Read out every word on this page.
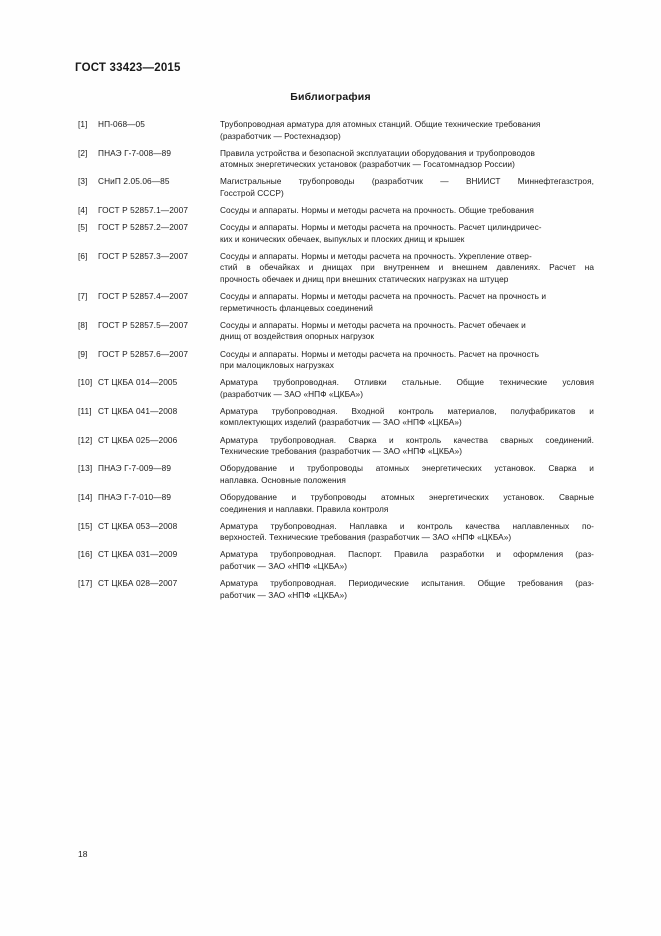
ГОСТ 33423—2015
Библиография
[1] НП-068—05	Трубопроводная арматура для атомных станций. Общие технические требования
(разработчик — Ростехнадзор)
[2] ПНАЭ Г-7-008—89	Правила устройства и безопасной эксплуатации оборудования и трубопроводов
атомных энергетических установок (разработчик — Госатомнадзор России)
[3] СНиП 2.05.06—85	Магистральные трубопроводы (разработчик — ВНИИСТ Миннефтегазстроя,
Госстрой СССР)
[4] ГОСТ Р 52857.1—2007	Сосуды и аппараты. Нормы и методы расчета на прочность. Общие требования
[5] ГОСТ Р 52857.2—2007	Сосуды и аппараты. Нормы и методы расчета на прочность. Расчет цилиндричес-
ких и конических обечаек, выпуклых и плоских днищ и крышек
[6] ГОСТ Р 52857.3—2007	Сосуды и аппараты. Нормы и методы расчета на прочность. Укрепление отвер-
стий в обечайках и днищах при внутреннем и внешнем давлениях. Расчет на
прочность обечаек и днищ при внешних статических нагрузках на штуцер
[7] ГОСТ Р 52857.4—2007	Сосуды и аппараты. Нормы и методы расчета на прочность. Расчет на прочность и
герметичность фланцевых соединений
[8] ГОСТ Р 52857.5—2007	Сосуды и аппараты. Нормы и методы расчета на прочность. Расчет обечаек и
днищ от воздействия опорных нагрузок
[9] ГОСТ Р 52857.6—2007	Сосуды и аппараты. Нормы и методы расчета на прочность. Расчет на прочность
при малоцикловых нагрузках
[10] СТ ЦКБА 014—2005	Арматура трубопроводная. Отливки стальные. Общие технические условия
(разработчик — ЗАО «НПФ «ЦКБА»)
[11] СТ ЦКБА 041—2008	Арматура трубопроводная. Входной контроль материалов, полуфабрикатов и
комплектующих изделий (разработчик — ЗАО «НПФ «ЦКБА»)
[12] СТ ЦКБА 025—2006	Арматура трубопроводная. Сварка и контроль качества сварных соединений.
Технические требования (разработчик — ЗАО «НПФ «ЦКБА»)
[13] ПНАЭ Г-7-009—89	Оборудование и трубопроводы атомных энергетических установок. Сварка и
наплавка. Основные положения
[14] ПНАЭ Г-7-010—89	Оборудование и трубопроводы атомных энергетических установок. Сварные
соединения и наплавки. Правила контроля
[15] СТ ЦКБА 053—2008	Арматура трубопроводная. Наплавка и контроль качества наплавленных по-
верхностей. Технические требования (разработчик — ЗАО «НПФ «ЦКБА»)
[16] СТ ЦКБА 031—2009	Арматура трубопроводная. Паспорт. Правила разработки и оформления (раз-
работчик — ЗАО «НПФ «ЦКБА»)
[17] СТ ЦКБА 028—2007	Арматура трубопроводная. Периодические испытания. Общие требования (раз-
работчик — ЗАО «НПФ «ЦКБА»)
18
